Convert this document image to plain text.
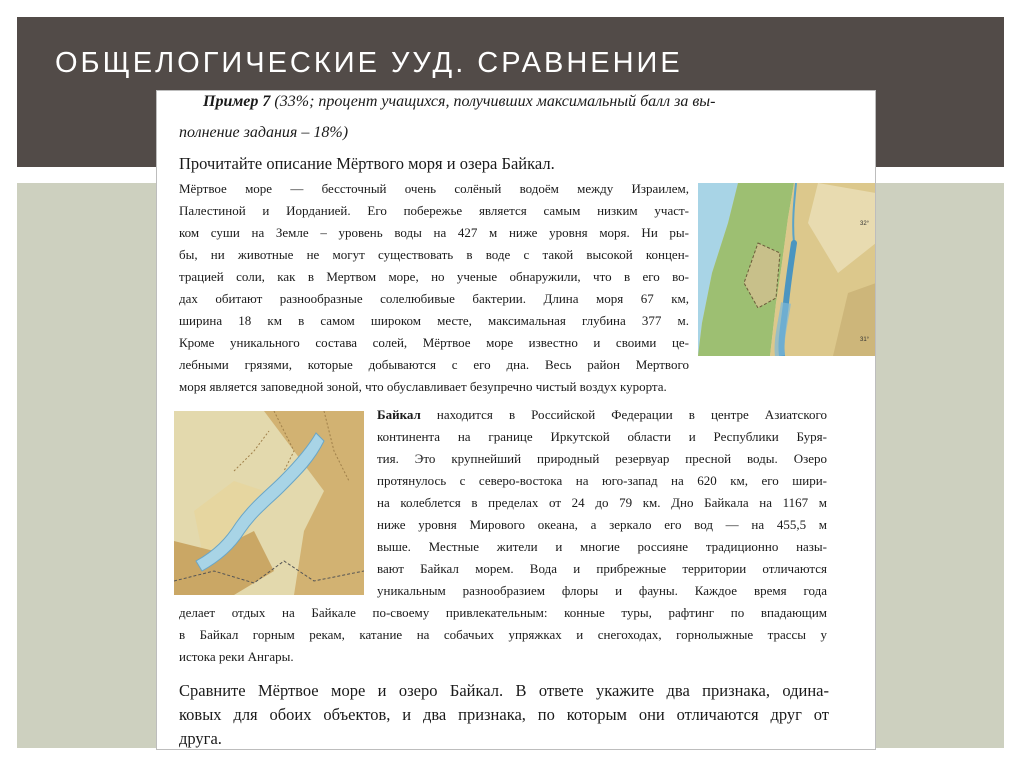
ОБЩЕЛОГИЧЕСКИЕ УУД. СРАВНЕНИЕ
Пример 7 (33%; процент учащихся, получивших максимальный балл за вы-
полнение задания – 18%)
Прочитайте описание Мёртвого моря и озера Байкал.
Мёртвое море — бессточный очень солёный водоём между Израилем,
Палестиной и Иорданией. Его побережье является самым низким участ-
ком суши на Земле – уровень воды на 427 м ниже уровня моря. Ни ры-
бы, ни животные не могут существовать в воде с такой высокой концен-
трацией соли, как в Мертвом море, но ученые обнаружили, что в его во-
дах обитают разнообразные солелюбивые бактерии. Длина моря 67 км,
ширина 18 км в самом широком месте, максимальная глубина 377 м.
Кроме уникального состава солей, Мёртвое море известно и своими це-
лебными грязями, которые добываются с его дна. Весь район Мертвого
моря является заповедной зоной, что обуславливает безупречно чистый воздух курорта.
32°
31°
Байкал находится в Российской Федерации в центре Азиатского
континента на границе Иркутской области и Республики Буря-
тия. Это крупнейший природный резервуар пресной воды. Озеро
протянулось с северо-востока на юго-запад на 620 км, его шири-
на колеблется в пределах от 24 до 79 км. Дно Байкала на 1167 м
ниже уровня Мирового океана, а зеркало его вод — на 455,5 м
выше. Местные жители и многие россияне традиционно назы-
вают Байкал морем. Вода и прибрежные территории отличаются
уникальным разнообразием флоры и фауны. Каждое время года
делает отдых на Байкале по-своему привлекательным: конные туры, рафтинг по впадающим
в Байкал горным рекам, катание на собачьих упряжках и снегоходах, горнолыжные трассы у
истока реки Ангары.
Сравните Мёртвое море и озеро Байкал. В ответе укажите два признака, одина-
ковых для обоих объектов, и два признака, по которым они отличаются друг от
друга.
